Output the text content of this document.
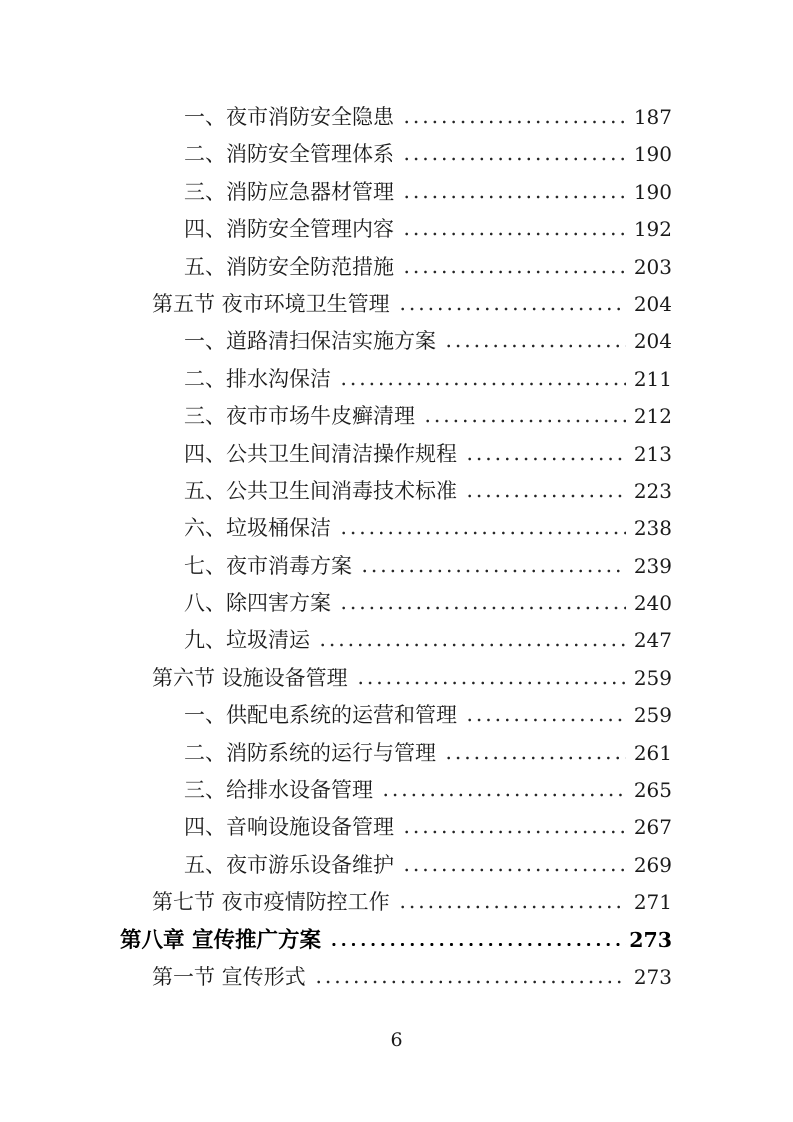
一、夜市消防安全隐患	187
二、消防安全管理体系	190
三、消防应急器材管理	190
四、消防安全管理内容	192
五、消防安全防范措施	203
第五节 夜市环境卫生管理	204
一、道路清扫保洁实施方案	204
二、排水沟保洁	211
三、夜市市场牛皮癣清理	212
四、公共卫生间清洁操作规程	213
五、公共卫生间消毒技术标准	223
六、垃圾桶保洁	238
七、夜市消毒方案	239
八、除四害方案	240
九、垃圾清运	247
第六节 设施设备管理	259
一、供配电系统的运营和管理	259
二、消防系统的运行与管理	261
三、给排水设备管理	265
四、音响设施设备管理	267
五、夜市游乐设备维护	269
第七节 夜市疫情防控工作	271
第八章 宣传推广方案	273
第一节 宣传形式	273
6
